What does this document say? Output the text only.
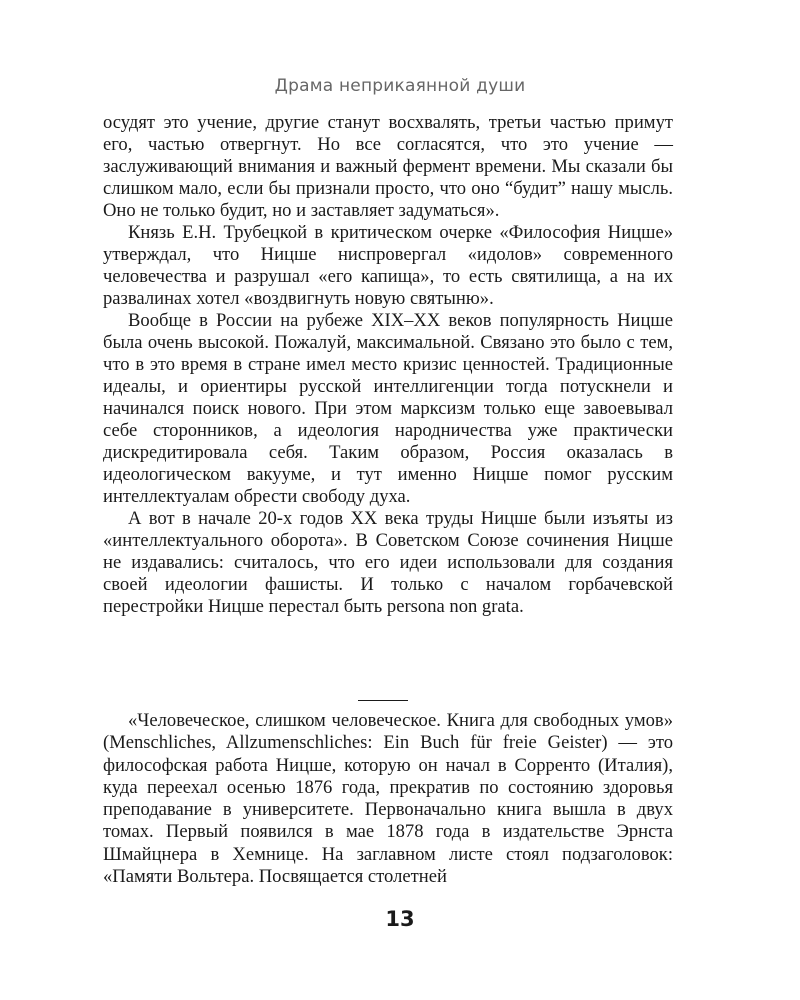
Драма неприкаянной души

осудят это учение, другие станут восхвалять, третьи частью примут его, частью отвергнут. Но все согласятся, что это учение — заслуживающий внимания и важный фермент времени. Мы сказали бы слишком мало, если бы признали просто, что оно “будит” нашу мысль. Оно не только будит, но и заставляет задуматься».

Князь Е.Н. Трубецкой в критическом очерке «Философия Ницше» утверждал, что Ницше ниспровергал «идолов» современного человечества и разрушал «его капища», то есть святилища, а на их развалинах хотел «воздвигнуть новую святыню».

Вообще в России на рубеже XIX–XX веков популярность Ницше была очень высокой. Пожалуй, максимальной. Связано это было с тем, что в это время в стране имел место кризис ценностей. Традиционные идеалы, и ориентиры русской интеллигенции тогда потускнели и начинался поиск нового. При этом марксизм только еще завоевывал себе сторонников, а идеология народничества уже практически дискредитировала себя. Таким образом, Россия оказалась в идеологическом вакууме, и тут именно Ницше помог русским интеллектуалам обрести свободу духа.

А вот в начале 20-х годов XX века труды Ницше были изъяты из «интеллектуального оборота». В Советском Союзе сочинения Ницше не издавались: считалось, что его идеи использовали для создания своей идеологии фашисты. И только с началом горбачевской перестройки Ницше перестал быть persona non grata.

«Человеческое, слишком человеческое. Книга для свободных умов» (Menschliches, Allzumenschliches: Ein Buch für freie Geister) — это философская работа Ницше, которую он начал в Сорренто (Италия), куда переехал осенью 1876 года, прекратив по состоянию здоровья преподавание в университете. Первоначально книга вышла в двух томах. Первый появился в мае 1878 года в издательстве Эрнста Шмайцнера в Хемнице. На заглавном листе стоял подзаголовок: «Памяти Вольтера. Посвящается столетней

13
